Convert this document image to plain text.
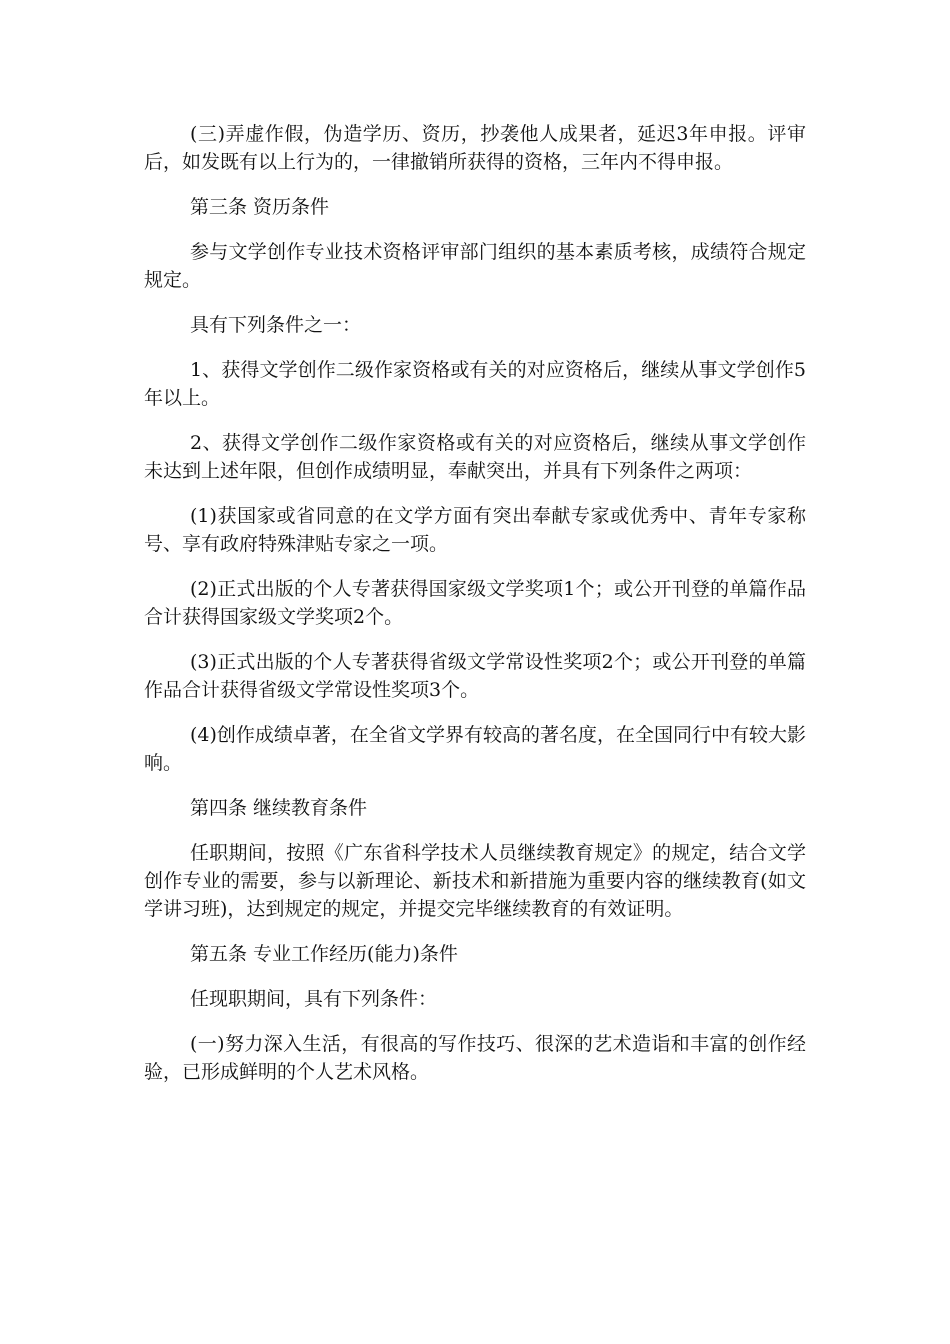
(三)弄虚作假，伪造学历、资历，抄袭他人成果者，延迟3年申报。评审后，如发既有以上行为的，一律撤销所获得的资格，三年内不得申报。

第三条 资历条件

参与文学创作专业技术资格评审部门组织的基本素质考核，成绩符合规定规定。

具有下列条件之一：

1、获得文学创作二级作家资格或有关的对应资格后，继续从事文学创作5年以上。

2、获得文学创作二级作家资格或有关的对应资格后，继续从事文学创作未达到上述年限，但创作成绩明显，奉献突出，并具有下列条件之两项：

(1)获国家或省同意的在文学方面有突出奉献专家或优秀中、青年专家称号、享有政府特殊津贴专家之一项。

(2)正式出版的个人专著获得国家级文学奖项1个；或公开刊登的单篇作品合计获得国家级文学奖项2个。

(3)正式出版的个人专著获得省级文学常设性奖项2个；或公开刊登的单篇作品合计获得省级文学常设性奖项3个。

(4)创作成绩卓著，在全省文学界有较高的著名度，在全国同行中有较大影响。

第四条 继续教育条件

任职期间，按照《广东省科学技术人员继续教育规定》的规定，结合文学创作专业的需要，参与以新理论、新技术和新措施为重要内容的继续教育(如文学讲习班)，达到规定的规定，并提交完毕继续教育的有效证明。

第五条 专业工作经历(能力)条件

任现职期间，具有下列条件：

(一)努力深入生活，有很高的写作技巧、很深的艺术造诣和丰富的创作经验，已形成鲜明的个人艺术风格。
